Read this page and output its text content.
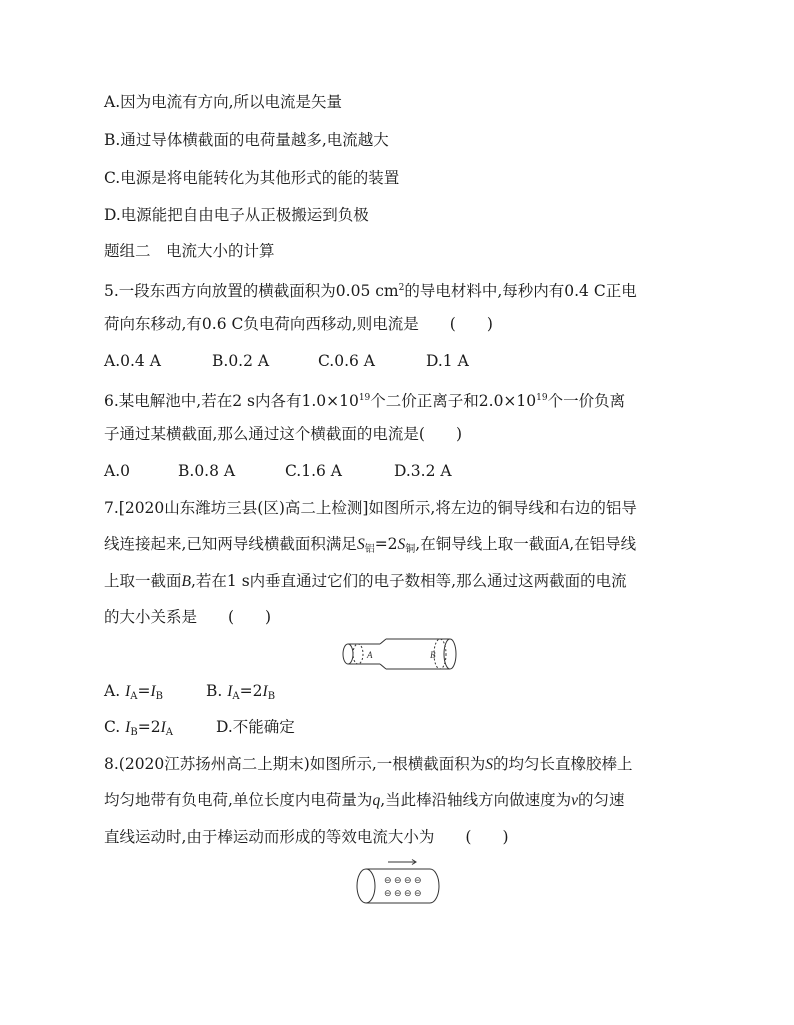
A.因为电流有方向,所以电流是矢量
B.通过导体横截面的电荷量越多,电流越大
C.电源是将电能转化为其他形式的能的装置
D.电源能把自由电子从正极搬运到负极
题组二　电流大小的计算
5.一段东西方向放置的横截面积为0.05 $cm^2$的导电材料中,每秒内有0.4 C正电
荷向东移动,有0.6 C负电荷向西移动,则电流是　　(　　)
A.0.4 A	B.0.2 A	C.0.6 A	D.1 A
6.某电解池中,若在2 s内各有$1.0\times 10^{19}$个二价正离子和$2.0\times 10^{19}$个一价负离
子通过某横截面,那么通过这个横截面的电流是(　　)
A.0	B.0.8 A	C.1.6 A	D.3.2 A
7.[2020山东潍坊三县(区)高二上检测]如图所示,将左边的铜导线和右边的铝导
线连接起来,已知两导线横截面积满足$S_铝=2S_铜$,在铜导线上取一截面A,在铝导线
上取一截面B,若在1 s内垂直通过它们的电子数相等,那么通过这两截面的电流
的大小关系是　　(　　)
A	B
A. $I_A=I_B$	B. $I_A=2I_B$
C. $I_B=2I_A$	D.不能确定
8.(2020江苏扬州高二上期末)如图所示,一根横截面积为S的均匀长直橡胶棒上
均匀地带有负电荷,单位长度内电荷量为q,当此棒沿轴线方向做速度为v的匀速
直线运动时,由于棒运动而形成的等效电流大小为　　(　　)
⊖ ⊖ ⊖ ⊖
⊖ ⊖ ⊖ ⊖
